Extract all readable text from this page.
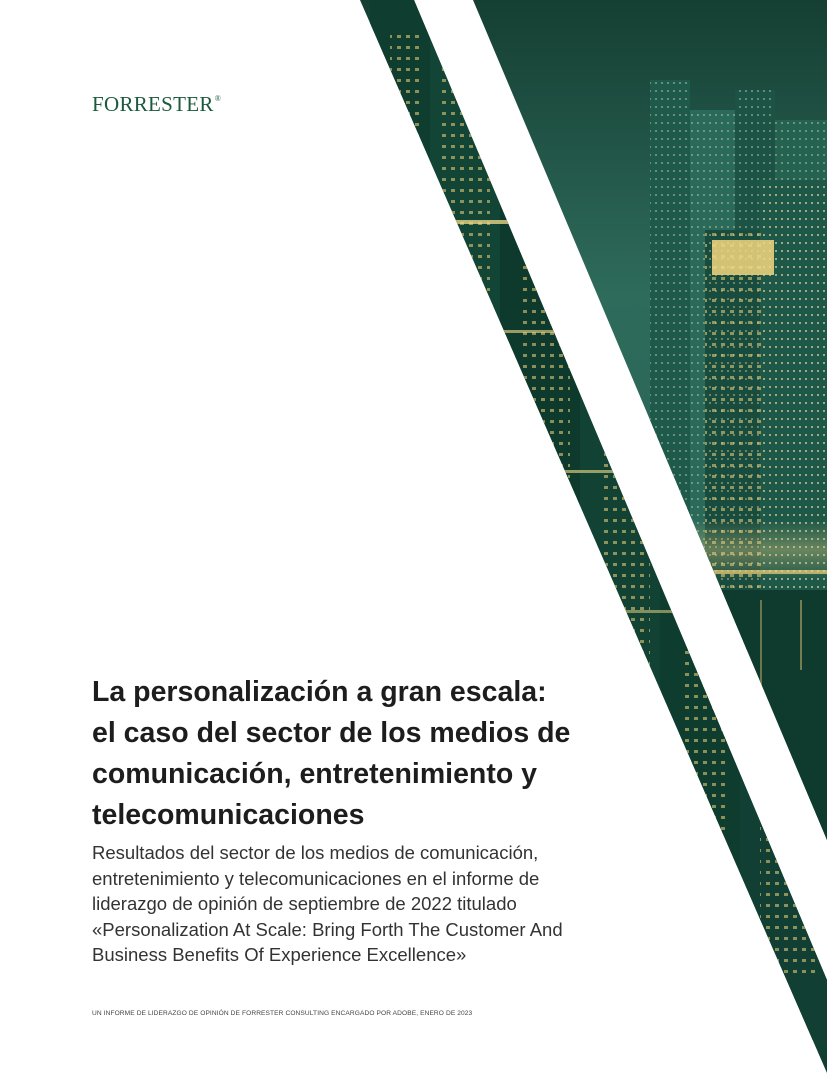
FORRESTER®
La personalización a gran escala:
el caso del sector de los medios de
comunicación, entretenimiento y
telecomunicaciones

Resultados del sector de los medios de comunicación,
entretenimiento y telecomunicaciones en el informe de
liderazgo de opinión de septiembre de 2022 titulado
«Personalization At Scale: Bring Forth The Customer And
Business Benefits Of Experience Excellence»

UN INFORME DE LIDERAZGO DE OPINIÓN DE FORRESTER CONSULTING ENCARGADO POR ADOBE, ENERO DE 2023
